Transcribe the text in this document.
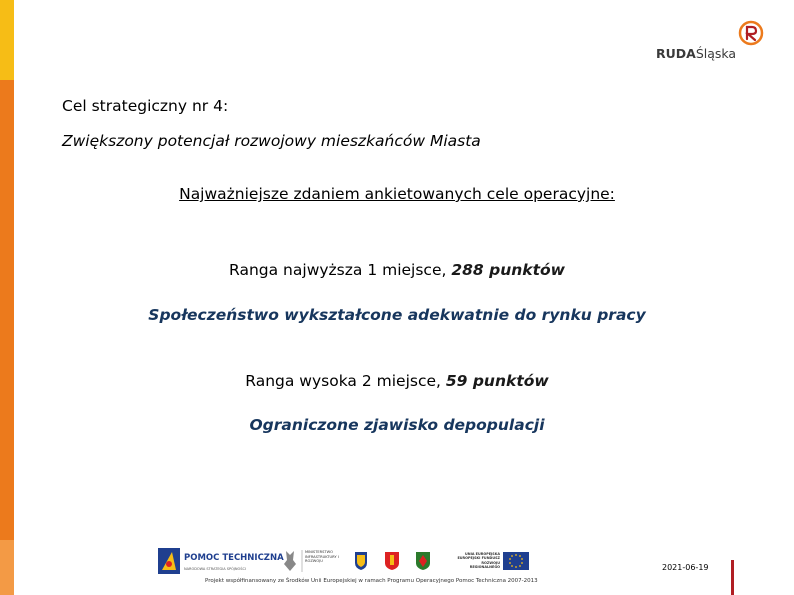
RUDAŚląska
Cel strategiczny nr 4:
Zwiększony potencjał rozwojowy mieszkańców Miasta
Najważniejsze zdaniem ankietowanych cele operacyjne:
Ranga najwyższa 1 miejsce, 288 punktów
Społeczeństwo wykształcone adekwatnie do rynku pracy
Ranga wysoka 2 miejsce, 59 punktów
Ograniczone zjawisko depopulacji
POMOC TECHNICZNA
NARODOWA STRATEGIA SPÓJNOŚCI
MINISTERSTWO INFRASTRUKTURY I ROZWOJU
UNIA EUROPEJSKA EUROPEJSKI FUNDUSZ ROZWOJU REGIONALNEGO
Projekt współfinansowany ze Środków Unii Europejskiej w ramach Programu Operacyjnego Pomoc Techniczna 2007-2013
2021-06-19
